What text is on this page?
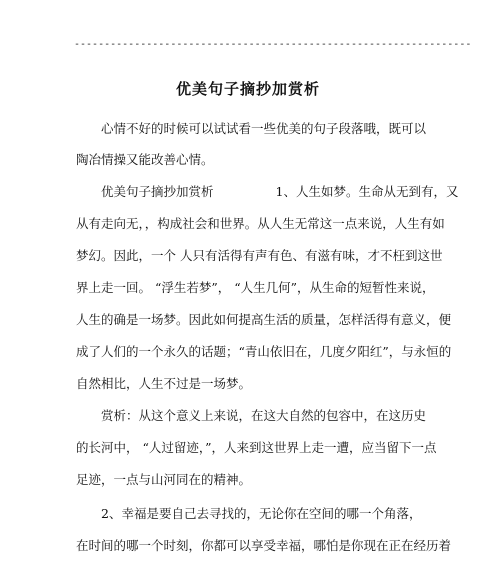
------------------------------------------------------------------
优美句子摘抄加赏析
　　心情不好的时候可以试试看一些优美的句子段落哦，既可以
陶冶情操又能改善心情。
　　优美句子摘抄加赏析	1、人生如梦。生命从无到有，又
从有走向无，，构成社会和世界。从人生无常这一点来说，人生有如
梦幻。因此，一个 人只有活得有声有色、有滋有味，才不枉到这世
界上走一回。 “浮生若梦”， “人生几何”，从生命的短暂性来说，
人生的确是一场梦。因此如何提高生活的质量，怎样活得有意义，便
成了人们的一个永久的话题；“青山依旧在，几度夕阳红”，与永恒的
自然相比，人生不过是一场梦。
　　赏析：从这个意义上来说，在这大自然的包容中，在这历史
的长河中， “人过留迹，”，人来到这世界上走一遭，应当留下一点
足迹，一点与山河同在的精神。
　　2、幸福是要自己去寻找的，无论你在空间的哪一个角落，
在时间的哪一个时刻，你都可以享受幸福，哪怕是你现在正在经历着
